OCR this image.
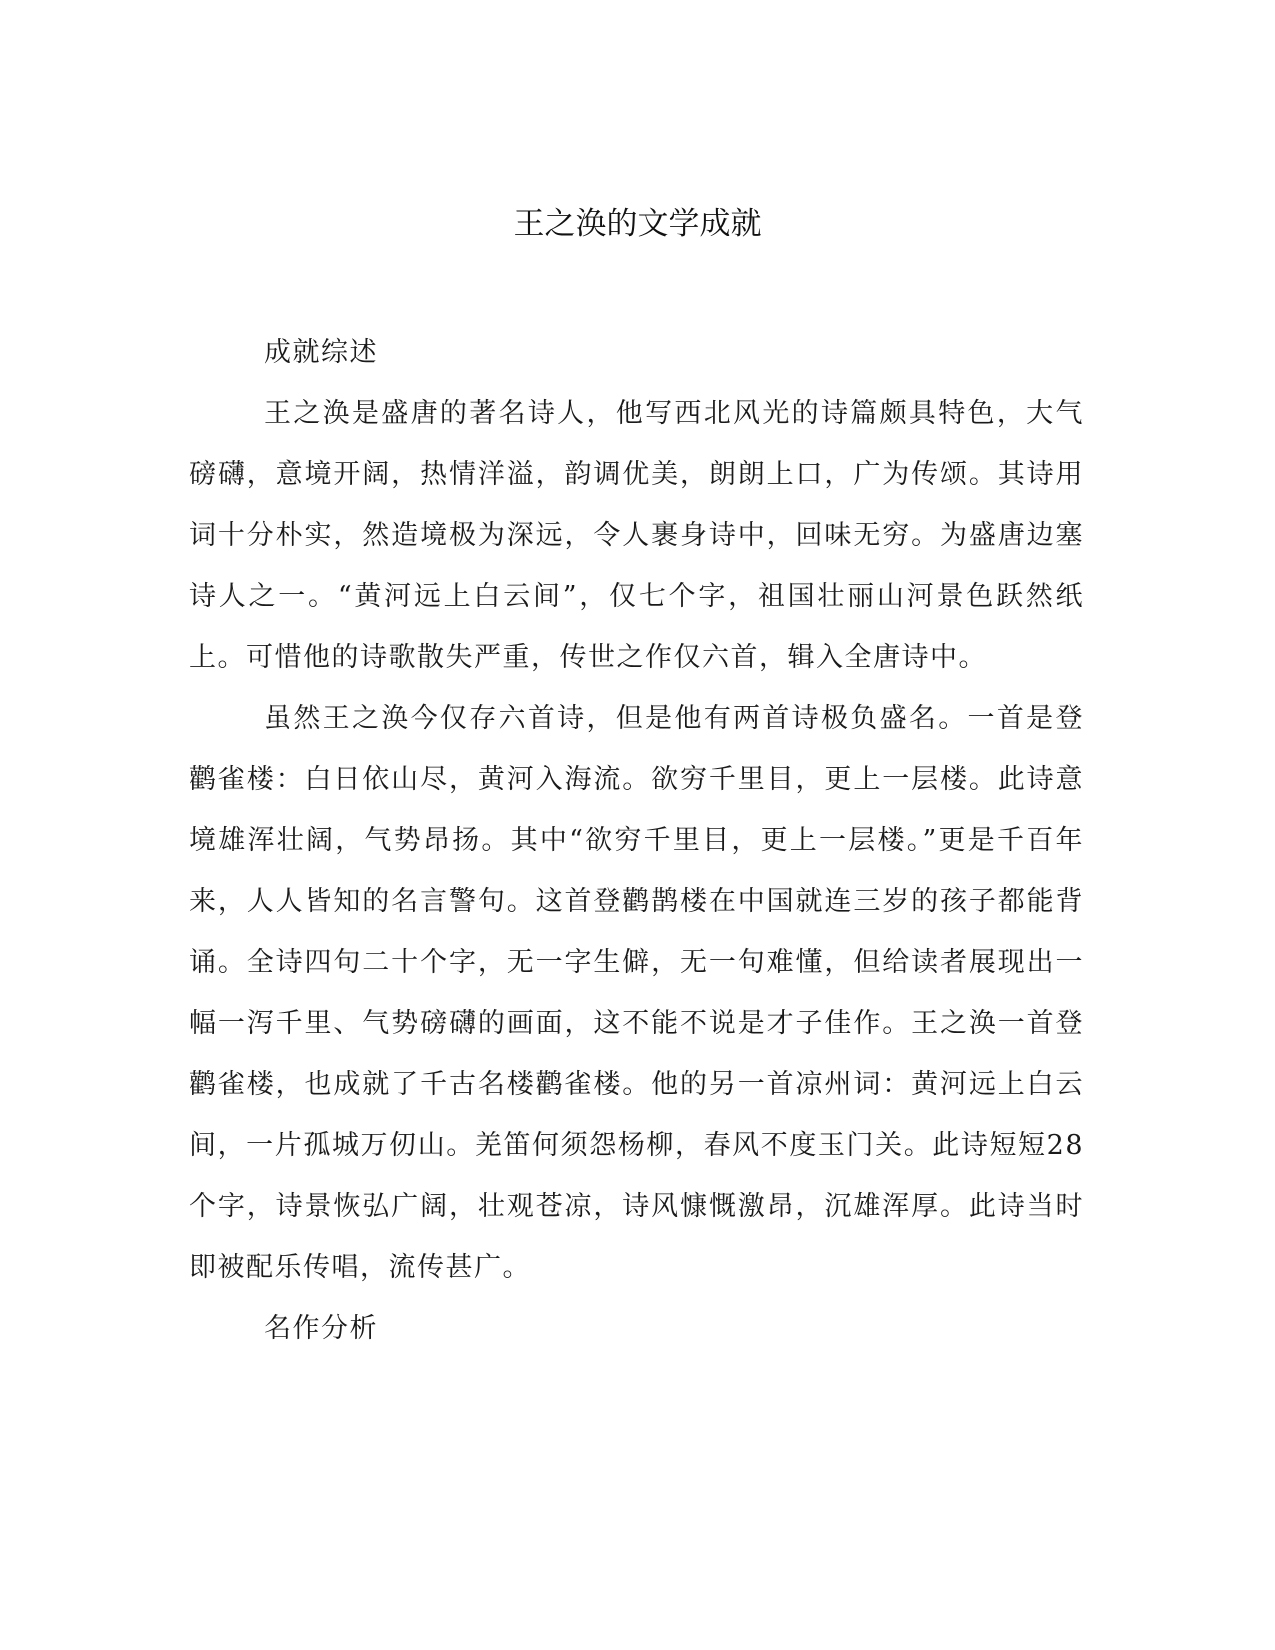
王之涣的文学成就

成就综述

王之涣是盛唐的著名诗人，他写西北风光的诗篇颇具特色，大气磅礴，意境开阔，热情洋溢，韵调优美，朗朗上口，广为传颂。其诗用词十分朴实，然造境极为深远，令人裹身诗中，回味无穷。为盛唐边塞诗人之一。“黄河远上白云间”，仅七个字，祖国壮丽山河景色跃然纸上。可惜他的诗歌散失严重，传世之作仅六首，辑入全唐诗中。

虽然王之涣今仅存六首诗，但是他有两首诗极负盛名。一首是登鹳雀楼：白日依山尽，黄河入海流。欲穷千里目，更上一层楼。此诗意境雄浑壮阔，气势昂扬。其中“欲穷千里目，更上一层楼。”更是千百年来，人人皆知的名言警句。这首登鹳鹊楼在中国就连三岁的孩子都能背诵。全诗四句二十个字，无一字生僻，无一句难懂，但给读者展现出一幅一泻千里、气势磅礴的画面，这不能不说是才子佳作。王之涣一首登鹳雀楼，也成就了千古名楼鹳雀楼。他的另一首凉州词：黄河远上白云间，一片孤城万仞山。羌笛何须怨杨柳，春风不度玉门关。此诗短短28个字，诗景恢弘广阔，壮观苍凉，诗风慷慨激昂，沉雄浑厚。此诗当时即被配乐传唱，流传甚广。

名作分析
